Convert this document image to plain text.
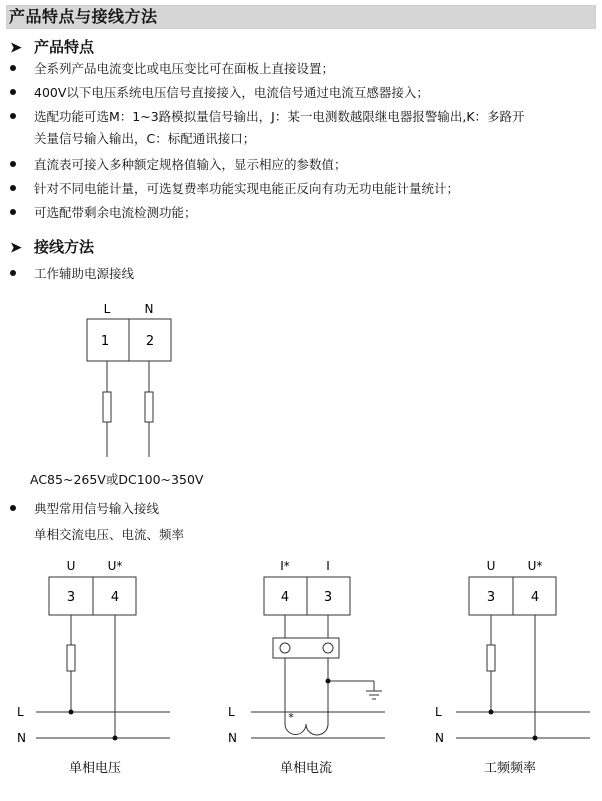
产品特点与接线方法
➤ 产品特点
全系列产品电流变比或电压变比可在面板上直接设置；
400V以下电压系统电压信号直接接入，电流信号通过电流互感器接入；
选配功能可选M：1~3路模拟量信号输出，J：某一电测数越限继电器报警输出,K：多路开
关量信号输入输出，C：标配通讯接口；
直流表可接入多种额定规格值输入，显示相应的参数值；
针对不同电能计量，可选复费率功能实现电能正反向有功无功电能计量统计；
可选配带剩余电流检测功能；
➤ 接线方法
工作辅助电源接线
L	N
1	2
AC85~265V或DC100~350V
典型常用信号输入接线
单相交流电压、电流、频率
U	U*
3	4
L
N
单相电压
I*	I
4	3
*
L
N
单相电流
U	U*
3	4
L
N
工频频率
